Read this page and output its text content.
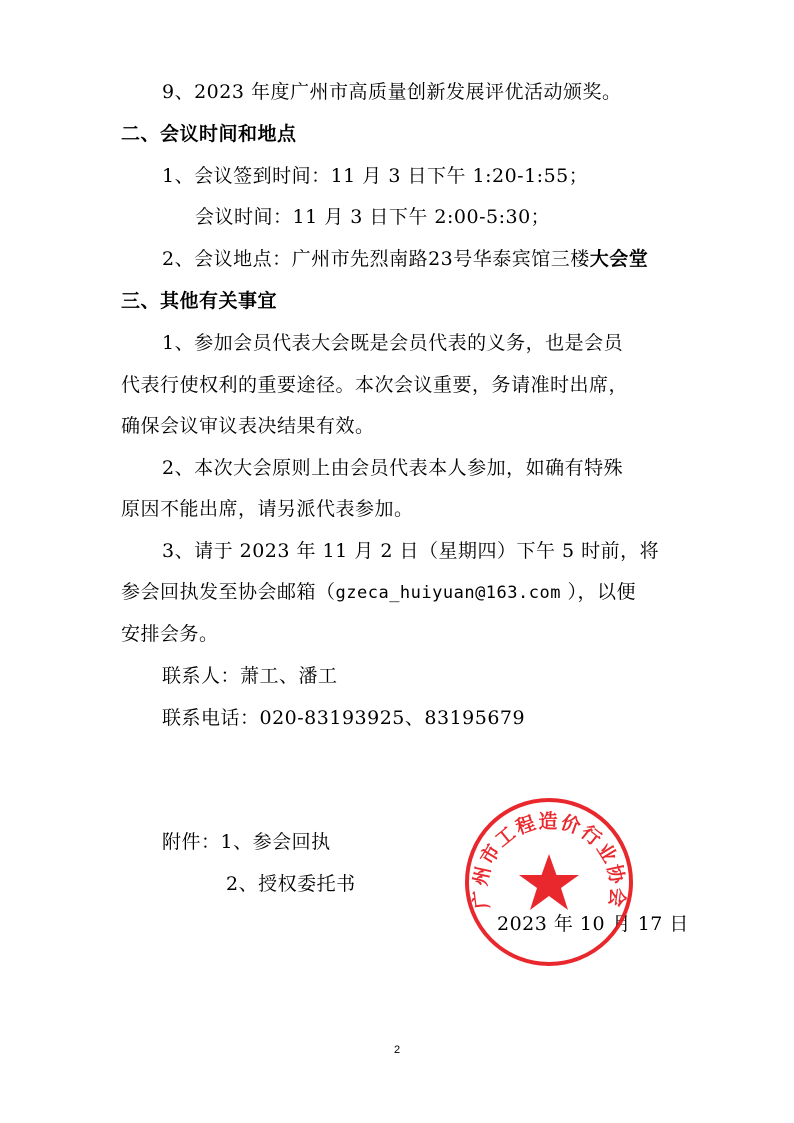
9、2023 年度广州市高质量创新发展评优活动颁奖。
二、会议时间和地点
1、会议签到时间：11 月 3 日下午 1:20-1:55；
会议时间：11 月 3 日下午 2:00-5:30；
2、会议地点：广州市先烈南路23号华泰宾馆三楼大会堂
三、其他有关事宜
1、参加会员代表大会既是会员代表的义务，也是会员
代表行使权利的重要途径。本次会议重要，务请准时出席，
确保会议审议表决结果有效。
2、本次大会原则上由会员代表本人参加，如确有特殊
原因不能出席，请另派代表参加。
3、请于 2023 年 11 月 2 日（星期四）下午 5 时前，将
参会回执发至协会邮箱（gzeca_huiyuan@163.com ），以便
安排会务。
联系人：萧工、潘工
联系电话：020-83193925、83195679
附件：1、参会回执
2、授权委托书
2023 年 10 月 17 日
广州市工程造价行业协会
2
